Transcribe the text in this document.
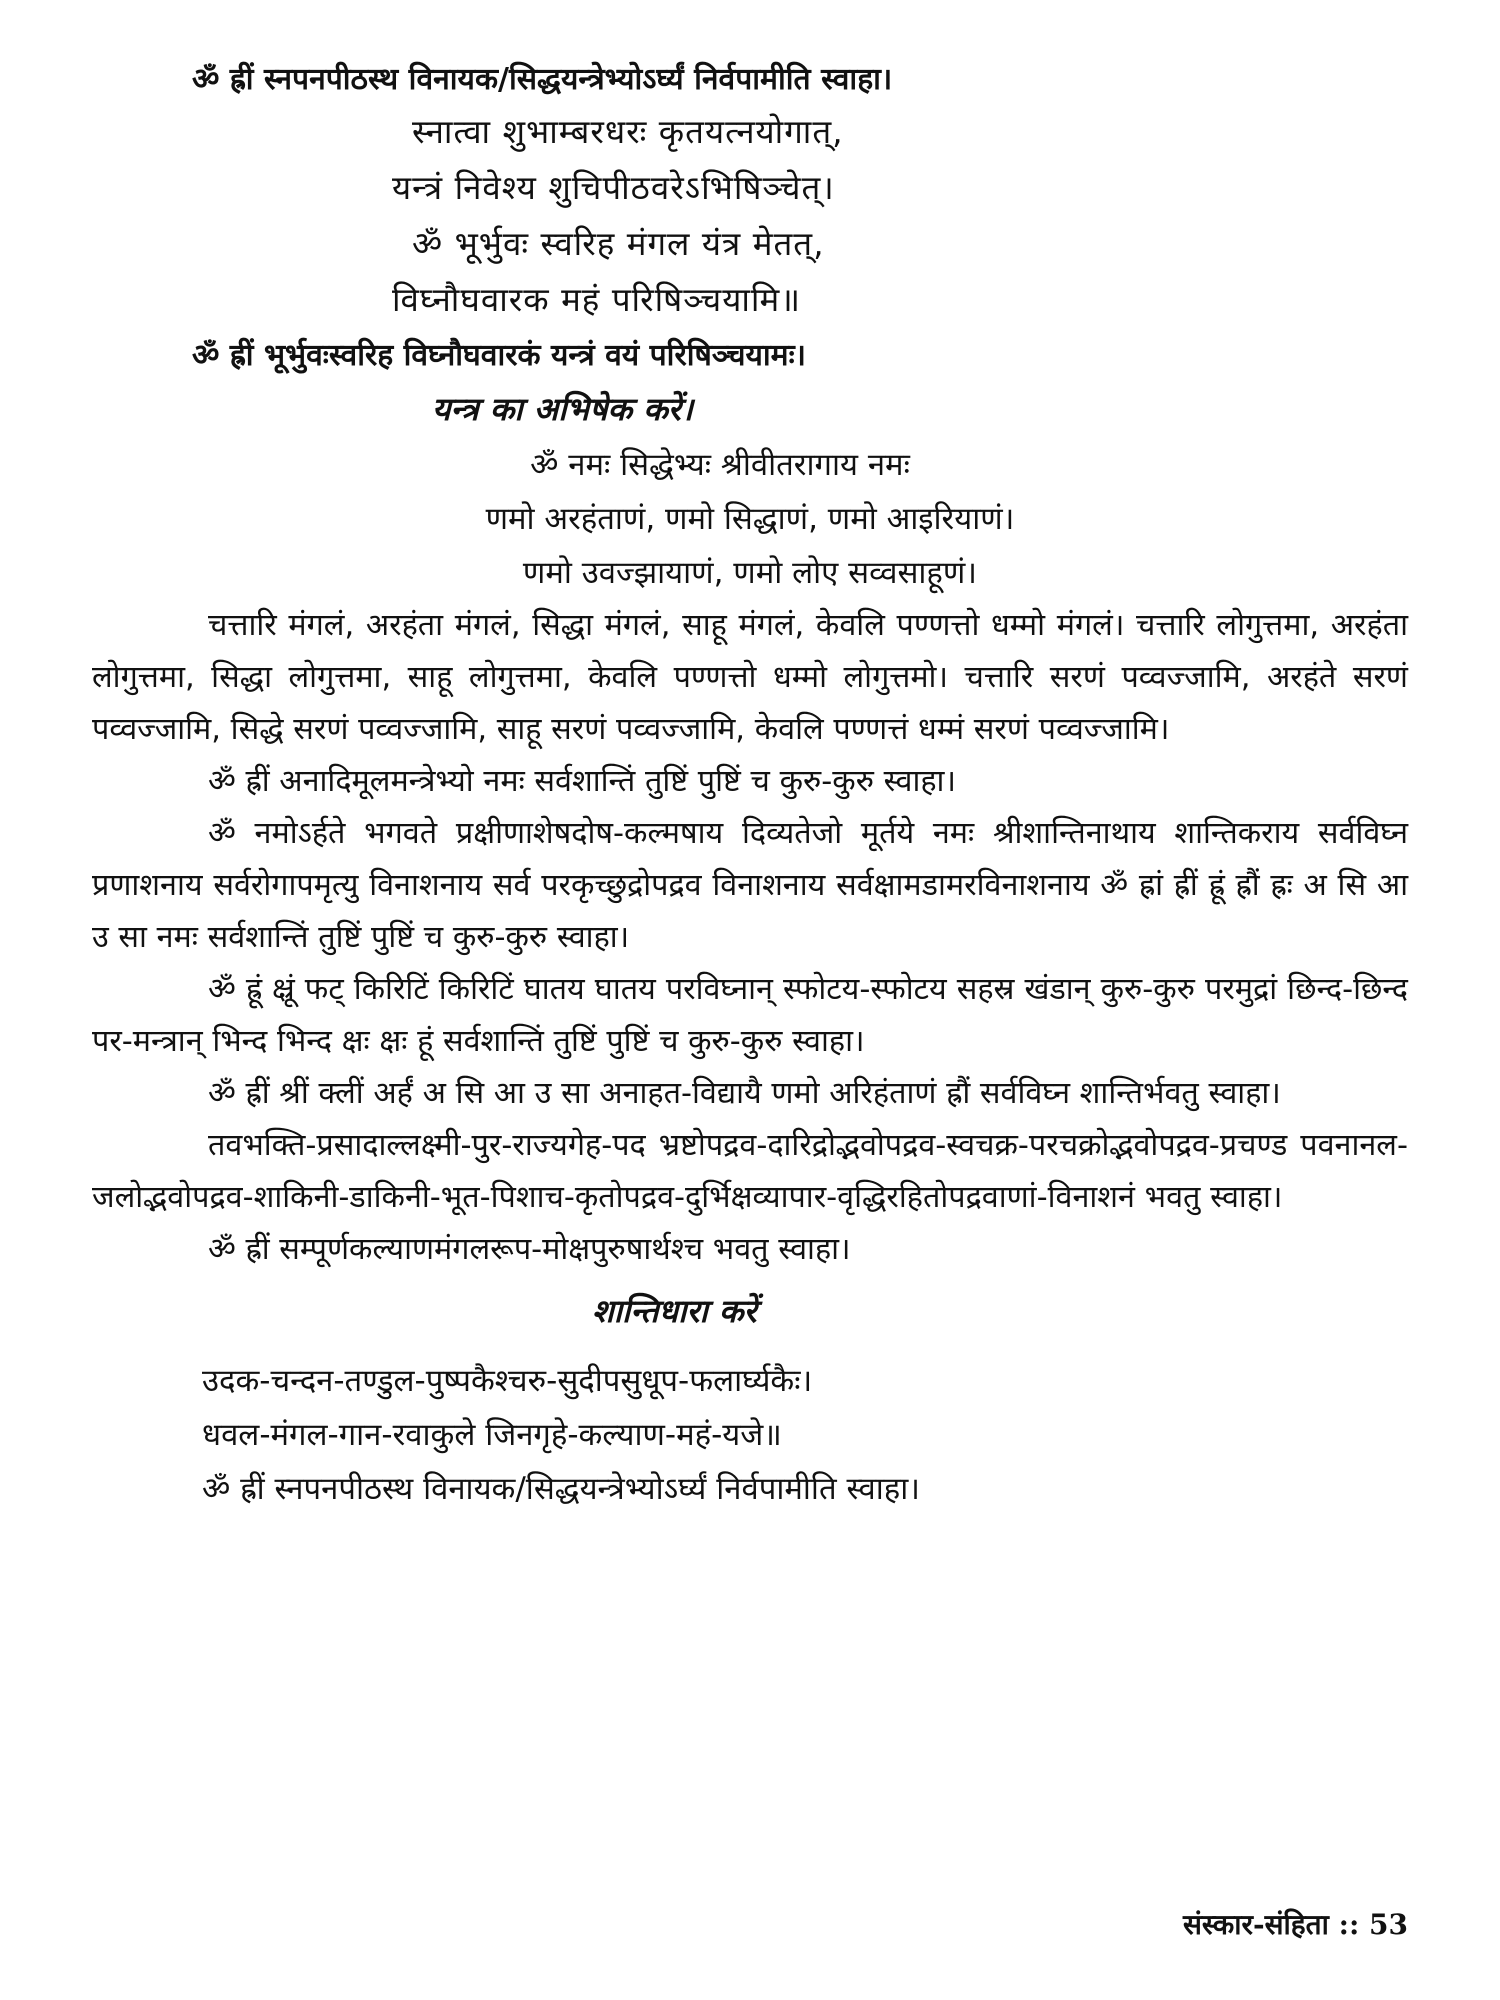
ॐ ह्रीं स्नपनपीठस्थ विनायक/सिद्धयन्त्रेभ्योऽर्घ्यं निर्वपामीति स्वाहा।

स्नात्वा शुभाम्बरधरः कृतयत्नयोगात्,

यन्त्रं निवेश्य शुचिपीठवरेऽभिषिञ्चेत्।

ॐ भूर्भुवः स्वरिह मंगल यंत्र मेतत्,

विघ्नौघवारक महं परिषिञ्चयामि॥

ॐ ह्रीं भूर्भुवःस्वरिह विघ्नौघवारकं यन्त्रं वयं परिषिञ्चयामः।

यन्त्र का अभिषेक करें।

ॐ नमः सिद्धेभ्यः श्रीवीतरागाय नमः

णमो अरहंताणं, णमो सिद्धाणं, णमो आइरियाणं।

णमो उवज्झायाणं, णमो लोए सव्वसाहूणं।

चत्तारि मंगलं, अरहंता मंगलं, सिद्धा मंगलं, साहू मंगलं, केवलि पण्णत्तो धम्मो मंगलं। चत्तारि लोगुत्तमा, अरहंता लोगुत्तमा, सिद्धा लोगुत्तमा, साहू लोगुत्तमा, केवलि पण्णत्तो धम्मो लोगुत्तमो। चत्तारि सरणं पव्वज्जामि, अरहंते सरणं पव्वज्जामि, सिद्धे सरणं पव्वज्जामि, साहू सरणं पव्वज्जामि, केवलि पण्णत्तं धम्मं सरणं पव्वज्जामि।

ॐ ह्रीं अनादिमूलमन्त्रेभ्यो नमः सर्वशान्तिं तुष्टिं पुष्टिं च कुरु-कुरु स्वाहा।

ॐ नमोऽर्हते भगवते प्रक्षीणाशेषदोष-कल्मषाय दिव्यतेजो मूर्तये नमः श्रीशान्तिनाथाय शान्तिकराय सर्वविघ्न प्रणाशनाय सर्वरोगापमृत्यु विनाशनाय सर्व परकृच्छुद्रोपद्रव विनाशनाय सर्वक्षामडामरविनाशनाय ॐ ह्रां ह्रीं ह्रूं ह्रौं ह्रः अ सि आ उ सा नमः सर्वशान्तिं तुष्टिं पुष्टिं च कुरु-कुरु स्वाहा।

ॐ ह्रूं क्ष्रूं फट् किरिटिं किरिटिं घातय घातय परविघ्नान् स्फोटय-स्फोटय सहस्र खंडान् कुरु-कुरु परमुद्रां छिन्द-छिन्द पर-मन्त्रान् भिन्द भिन्द क्षः क्षः हूं सर्वशान्तिं तुष्टिं पुष्टिं च कुरु-कुरु स्वाहा।

ॐ ह्रीं श्रीं क्लीं अर्हं अ सि आ उ सा अनाहत-विद्यायै णमो अरिहंताणं ह्रौं सर्वविघ्न शान्तिर्भवतु स्वाहा।

तवभक्ति-प्रसादाल्लक्ष्मी-पुर-राज्यगेह-पद भ्रष्टोपद्रव-दारिद्रोद्भवोपद्रव-स्वचक्र-परचक्रोद्भवोपद्रव-प्रचण्ड पवनानल-जलोद्भवोपद्रव-शाकिनी-डाकिनी-भूत-पिशाच-कृतोपद्रव-दुर्भिक्षव्यापार-वृद्धिरहितोपद्रवाणां-विनाशनं भवतु स्वाहा।

ॐ ह्रीं सम्पूर्णकल्याणमंगलरूप-मोक्षपुरुषार्थश्च भवतु स्वाहा।

शान्तिधारा करें

उदक-चन्दन-तण्डुल-पुष्पकैश्चरु-सुदीपसुधूप-फलार्घ्यकैः।

धवल-मंगल-गान-रवाकुले जिनगृहे-कल्याण-महं-यजे॥

ॐ ह्रीं स्नपनपीठस्थ विनायक/सिद्धयन्त्रेभ्योऽर्घ्यं निर्वपामीति स्वाहा।

संस्कार-संहिता :: 53
